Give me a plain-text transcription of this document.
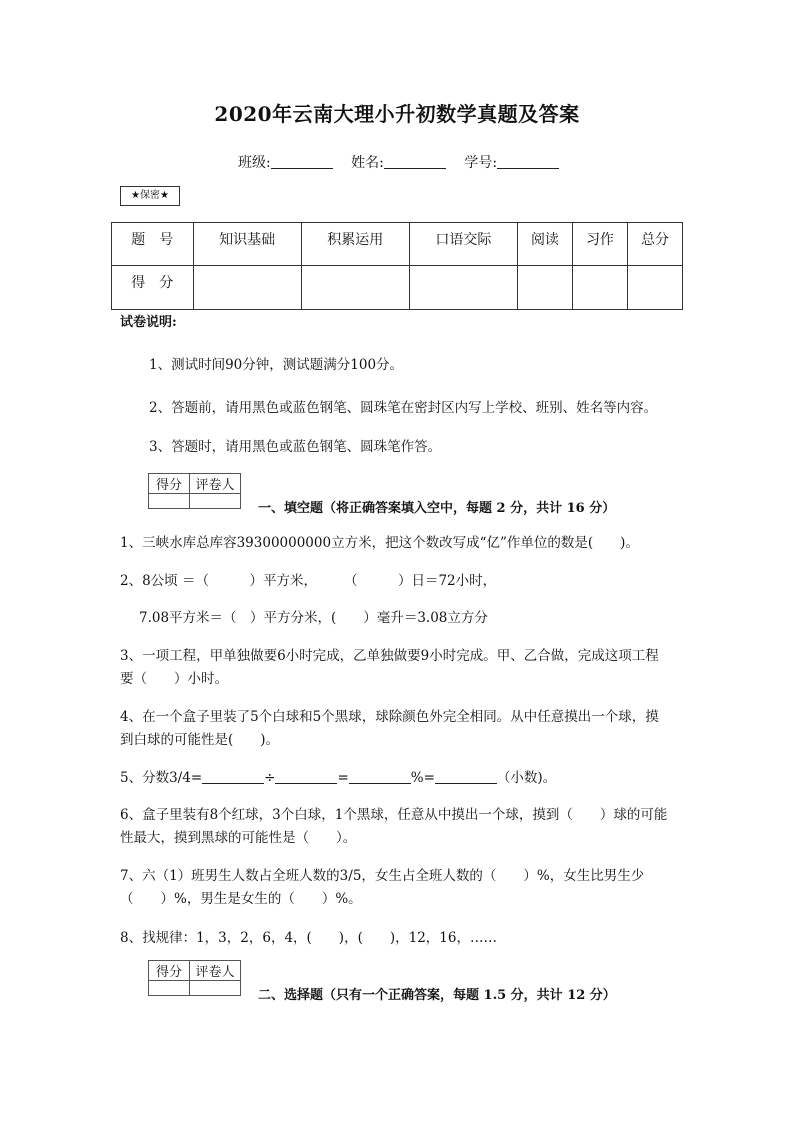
2020年云南大理小升初数学真题及答案
班级:	姓名:	学号:
★保密★
题　号	知识基础	积累运用	口语交际	阅读	习作	总分
得　分						
试卷说明:
1、测试时间90分钟，测试题满分100分。
2、答题前，请用黑色或蓝色钢笔、圆珠笔在密封区内写上学校、班别、姓名等内容。
3、答题时，请用黑色或蓝色钢笔、圆珠笔作答。
得分	评卷人

一、填空题（将正确答案填入空中，每题 2 分，共计 16 分）
1、三峡水库总库容39300000000立方米，把这个数改写成“亿”作单位的数是(　　)。
2、8公顷 ＝（　　　）平方米，　　　（　　　）日＝72小时，
7.08平方米＝（　）平方分米，(　　）毫升＝3.08立方分
3、一项工程，甲单独做要6小时完成，乙单独做要9小时完成。甲、乙合做，完成这项工程
要（　　）小时。
4、在一个盒子里装了5个白球和5个黑球，球除颜色外完全相同。从中任意摸出一个球，摸
到白球的可能性是(　　)。
5、分数3/4=	÷	=	%=	（小数)。
6、盒子里装有8个红球，3个白球，1个黑球，任意从中摸出一个球，摸到（　　）球的可能
性最大，摸到黑球的可能性是（　　）。
7、六（1）班男生人数占全班人数的3/5，女生占全班人数的（　　）%，女生比男生少
（　　）%，男生是女生的（　　）%。
8、找规律：1，3，2，6，4，(　　)，(　　)，12，16，……
得分	评卷人

二、选择题（只有一个正确答案，每题 1.5 分，共计 12 分）
